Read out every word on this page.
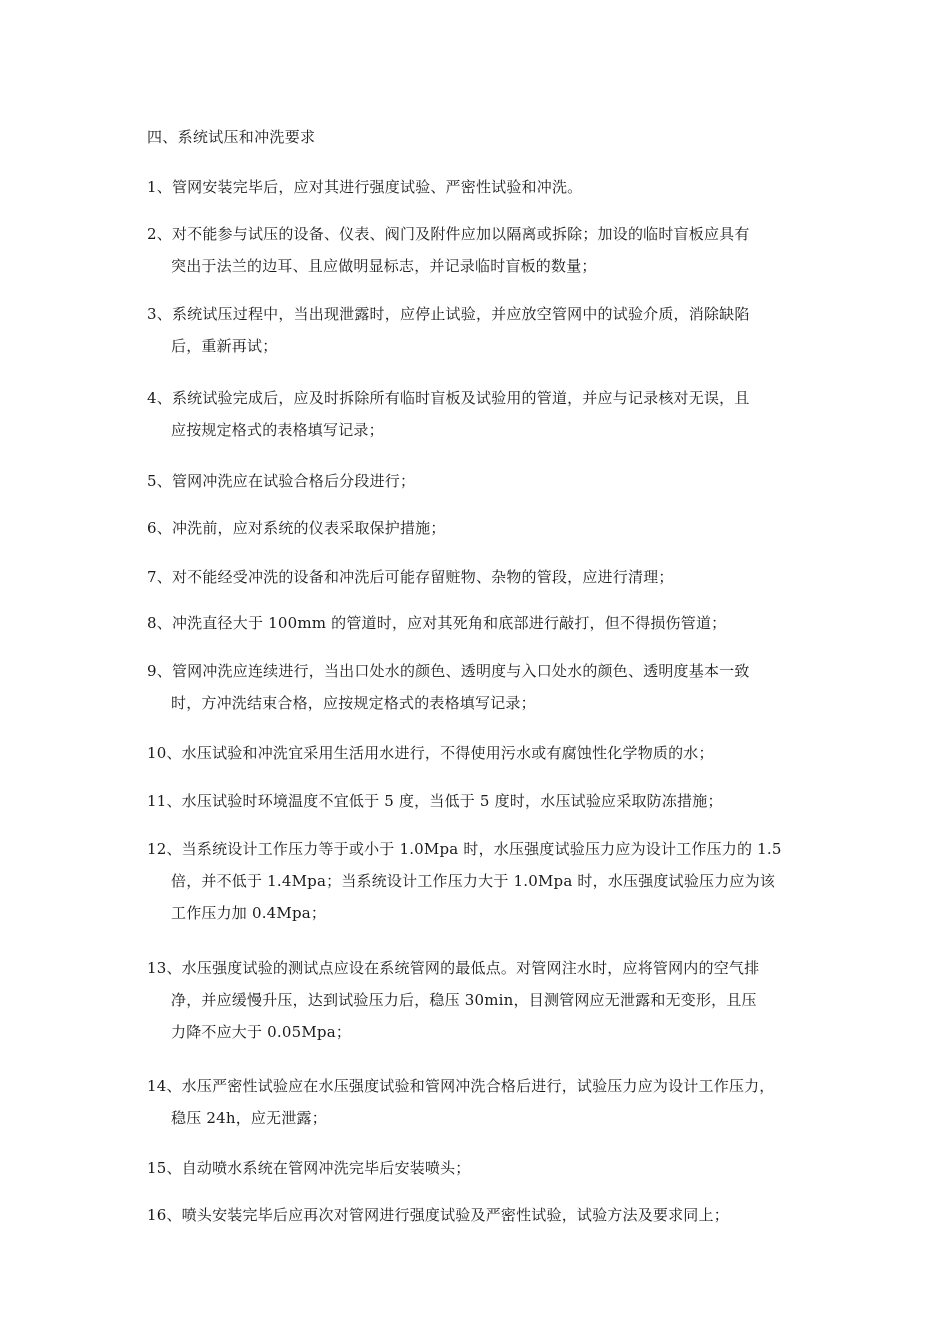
四、系统试压和冲洗要求
1、管网安装完毕后，应对其进行强度试验、严密性试验和冲洗。
2、对不能参与试压的设备、仪表、阀门及附件应加以隔离或拆除；加设的临时盲板应具有
突出于法兰的边耳、且应做明显标志，并记录临时盲板的数量；
3、系统试压过程中，当出现泄露时，应停止试验，并应放空管网中的试验介质，消除缺陷
后，重新再试；
4、系统试验完成后，应及时拆除所有临时盲板及试验用的管道，并应与记录核对无误，且
应按规定格式的表格填写记录；
5、管网冲洗应在试验合格后分段进行；
6、冲洗前，应对系统的仪表采取保护措施；
7、对不能经受冲洗的设备和冲洗后可能存留赃物、杂物的管段，应进行清理；
8、冲洗直径大于 100mm 的管道时，应对其死角和底部进行敲打，但不得损伤管道；
9、管网冲洗应连续进行，当出口处水的颜色、透明度与入口处水的颜色、透明度基本一致
时，方冲洗结束合格，应按规定格式的表格填写记录；
10、水压试验和冲洗宜采用生活用水进行，不得使用污水或有腐蚀性化学物质的水；
11、水压试验时环境温度不宜低于 5 度，当低于 5 度时，水压试验应采取防冻措施；
12、当系统设计工作压力等于或小于 1.0Mpa 时，水压强度试验压力应为设计工作压力的 1.5
倍，并不低于 1.4Mpa；当系统设计工作压力大于 1.0Mpa 时，水压强度试验压力应为该
工作压力加 0.4Mpa；
13、水压强度试验的测试点应设在系统管网的最低点。对管网注水时，应将管网内的空气排
净，并应缓慢升压，达到试验压力后，稳压 30min，目测管网应无泄露和无变形，且压
力降不应大于 0.05Mpa；
14、水压严密性试验应在水压强度试验和管网冲洗合格后进行，试验压力应为设计工作压力，
稳压 24h，应无泄露；
15、自动喷水系统在管网冲洗完毕后安装喷头；
16、喷头安装完毕后应再次对管网进行强度试验及严密性试验，试验方法及要求同上；
